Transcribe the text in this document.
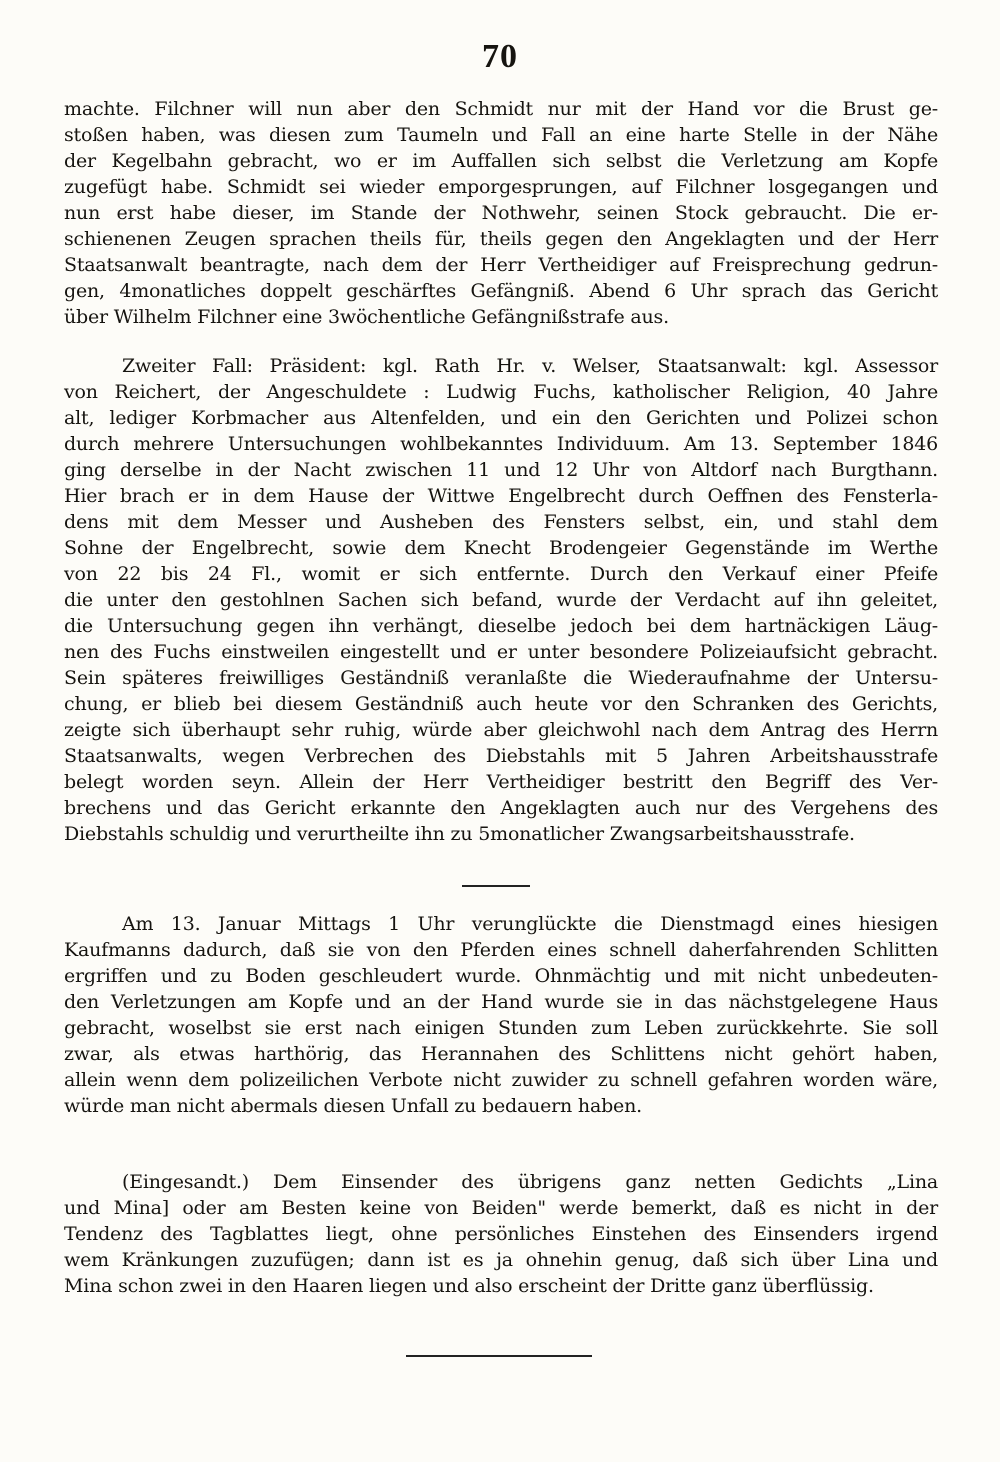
70
machte. Filchner will nun aber den Schmidt nur mit der Hand vor die Brust ge-
stoßen haben, was diesen zum Taumeln und Fall an eine harte Stelle in der Nähe
der Kegelbahn gebracht, wo er im Auffallen sich selbst die Verletzung am Kopfe
zugefügt habe. Schmidt sei wieder emporgesprungen, auf Filchner losgegangen und
nun erst habe dieser, im Stande der Nothwehr, seinen Stock gebraucht. Die er-
schienenen Zeugen sprachen theils für, theils gegen den Angeklagten und der Herr
Staatsanwalt beantragte, nach dem der Herr Vertheidiger auf Freisprechung gedrun-
gen, 4monatliches doppelt geschärftes Gefängniß. Abend 6 Uhr sprach das Gericht
über Wilhelm Filchner eine 3wöchentliche Gefängnißstrafe aus.
Zweiter Fall: Präsident: kgl. Rath Hr. v. Welser, Staatsanwalt: kgl. Assessor
von Reichert, der Angeschuldete : Ludwig Fuchs, katholischer Religion, 40 Jahre
alt, lediger Korbmacher aus Altenfelden, und ein den Gerichten und Polizei schon
durch mehrere Untersuchungen wohlbekanntes Individuum. Am 13. September 1846
ging derselbe in der Nacht zwischen 11 und 12 Uhr von Altdorf nach Burgthann.
Hier brach er in dem Hause der Wittwe Engelbrecht durch Oeffnen des Fensterla-
dens mit dem Messer und Ausheben des Fensters selbst, ein, und stahl dem
Sohne der Engelbrecht, sowie dem Knecht Brodengeier Gegenstände im Werthe
von 22 bis 24 Fl., womit er sich entfernte. Durch den Verkauf einer Pfeife
die unter den gestohlnen Sachen sich befand, wurde der Verdacht auf ihn geleitet,
die Untersuchung gegen ihn verhängt, dieselbe jedoch bei dem hartnäckigen Läug-
nen des Fuchs einstweilen eingestellt und er unter besondere Polizeiaufsicht gebracht.
Sein späteres freiwilliges Geständniß veranlaßte die Wiederaufnahme der Untersu-
chung, er blieb bei diesem Geständniß auch heute vor den Schranken des Gerichts,
zeigte sich überhaupt sehr ruhig, würde aber gleichwohl nach dem Antrag des Herrn
Staatsanwalts, wegen Verbrechen des Diebstahls mit 5 Jahren Arbeitshausstrafe
belegt worden seyn. Allein der Herr Vertheidiger bestritt den Begriff des Ver-
brechens und das Gericht erkannte den Angeklagten auch nur des Vergehens des
Diebstahls schuldig und verurtheilte ihn zu 5monatlicher Zwangsarbeitshausstrafe.
Am 13. Januar Mittags 1 Uhr verunglückte die Dienstmagd eines hiesigen
Kaufmanns dadurch, daß sie von den Pferden eines schnell daherfahrenden Schlitten
ergriffen und zu Boden geschleudert wurde. Ohnmächtig und mit nicht unbedeuten-
den Verletzungen am Kopfe und an der Hand wurde sie in das nächstgelegene Haus
gebracht, woselbst sie erst nach einigen Stunden zum Leben zurückkehrte. Sie soll
zwar, als etwas harthörig, das Herannahen des Schlittens nicht gehört haben,
allein wenn dem polizeilichen Verbote nicht zuwider zu schnell gefahren worden wäre,
würde man nicht abermals diesen Unfall zu bedauern haben.
(Eingesandt.) Dem Einsender des übrigens ganz netten Gedichts „Lina
und Mina] oder am Besten keine von Beiden" werde bemerkt, daß es nicht in der
Tendenz des Tagblattes liegt, ohne persönliches Einstehen des Einsenders irgend
wem Kränkungen zuzufügen; dann ist es ja ohnehin genug, daß sich über Lina und
Mina schon zwei in den Haaren liegen und also erscheint der Dritte ganz überflüssig.
